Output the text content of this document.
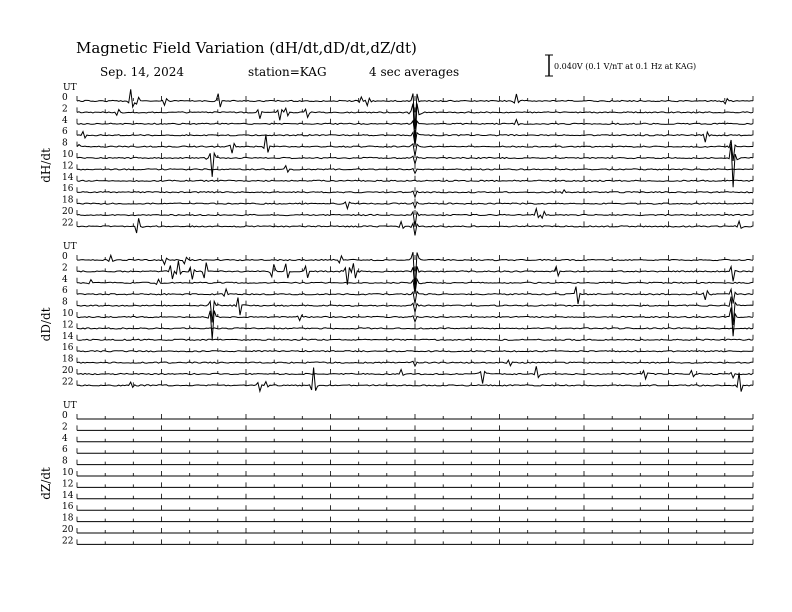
Magnetic Field Variation (dH/dt,dD/dt,dZ/dt)
Sep. 14, 2024	station=KAG	4 sec averages	0.040V (0.1 V/nT at 0.1 Hz at KAG)
UT
dH/dt
0
2
4
6
8
10
12
14
16
18
20
22
UT
dD/dt
0
2
4
6
8
10
12
14
16
18
20
22
UT
dZ/dt
0
2
4
6
8
10
12
14
16
18
20
22
